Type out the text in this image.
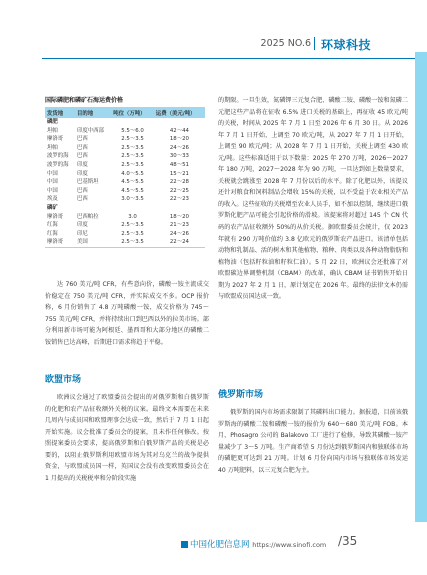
2025 NO.6 环球科技
国际磷肥和磷矿石海运费价格
发货地	目的地	吨位（万吨）	运费（美元/吨）
磷肥			
坦帕	印度中西部	5.5～6.0	42～44
摩洛哥	巴西	2.5～3.5	18～20
坦帕	巴西	2.5～3.5	24～26
波罗的海	巴西	2.5～3.5	30～33
波罗的海	印度	2.5～3.5	48～51
中国	印度	4.0～5.5	15～21
中国	巴基斯坦	4.5～5.5	22～28
中国	巴西	4.5～5.5	22～25
埃及	巴西	3.0～3.5	22～23
磷矿			
摩洛哥	巴西帕拉	3.0	18～20
红海	印度	2.5～3.5	21～23
红海	印尼	2.5～3.5	24～26
摩洛哥	美国	2.5～3.5	22～24

达 760 美元/吨 CFR，有些意向价，磷酸一铵主流成交价稳定在 750 美元/吨 CFR，并实际成交不多。OCP 报价称，6 月份销售了 4.8 万吨磷酸一铵，成交价格为 745～755 美元/吨 CFR，并将持续出口到巴西以外的拉美市场。部分利用新市场可能为阿根廷、墨西哥和大部分地区的磷酸二铵销售已达高峰，后期进口需求将趋于平稳。

欧盟市场

欧洲议会通过了欧盟委员会提出的对俄罗斯和白俄罗斯的化肥和农产品征收额外关税的议案。最终文本需要在未来几周内与成员国和欧盟理事会达成一致，然后于 7 月 1 日起开始实施。议会批准了委员会的提案，且未作任何修改。按照提案委员会要求，提高俄罗斯和白俄罗斯产品的关税是必要的，以阻止俄罗斯利用欧盟市场为其对乌克兰的战争提供资金，与欧盟成员国一样，英国议会没有改变欧盟委员会在 1 月提出的关税税率和分阶段实施

的期限。一旦生效，氮磷钾三元复合肥、磷酸二铵、磷酸一铵和氮磷二元肥这些产品将在征收 6.5% 进口关税的基础上，再征收 45 欧元/吨的关税，时间从 2025 年 7 月 1 日至 2026 年 6 月 30 日。从 2026 年 7 月 1 日开始，上调至 70 欧元/吨，从 2027 年 7 月 1 日开始，上调至 90 欧元/吨；从 2028 年 7 月 1 日开始，关税上调至 430 欧元/吨。这些标准适用于以下数量：2025 年 270 万吨，2026～2027 年 180 万吨，2027～2028 年为 90 万吨，一旦达到如上数量要求，关税就会跳涨至 2028 年 7 月份以后的水平。除了化肥以外，该提议还针对粮食和饲料制品会增收 15%的关税，以不受益于农业相关产品的收入。这些征收的关税增至农业人员手，如不加以控制，继续进口俄罗斯化肥产品可能会引起价格的滑坡。该提案将对超过 145 个 CN 代码的农产品征收额外 50%的从价关税。据欧盟委员会统计，仅 2023 年就有 290 万吨价值约 3.8 亿欧元的俄罗斯农产品进口。该清单包括动物和乳制品、活的树木和其他植物、粮种、肉类以及各种动物脂肪和植物油（包括籽粒油和籽粒仁油）。5 月 22 日，欧洲议会还批准了对欧盟碳边界调整机制（CBAM）的改革，确认 CBAM 证书销售开始日期为 2027 年 2 月 1 日，原计划定在 2026 年。最终的法律文本仍需与欧盟成员国达成一致。

俄罗斯市场

俄罗斯的国内市场需求限制了其磷料出口能力。据报道，目前该俄罗斯海的磷酸二铵和磷酸一铵的报价为 640～680 美元/吨 FOB。本月，Phosagro 公司的 Balakovo 工厂进行了检修，导致其磷酸一铵产量减少了 3～5 万吨。生产商希望 5 月份达到俄罗斯国内和独联体市场的磷肥更可达到 21 万吨。计划 6 月份向国内市场与独联体市场发运 40 万吨肥料，以三元复合肥为主。

中国化肥信息网 https://www.sinofi.com /35
